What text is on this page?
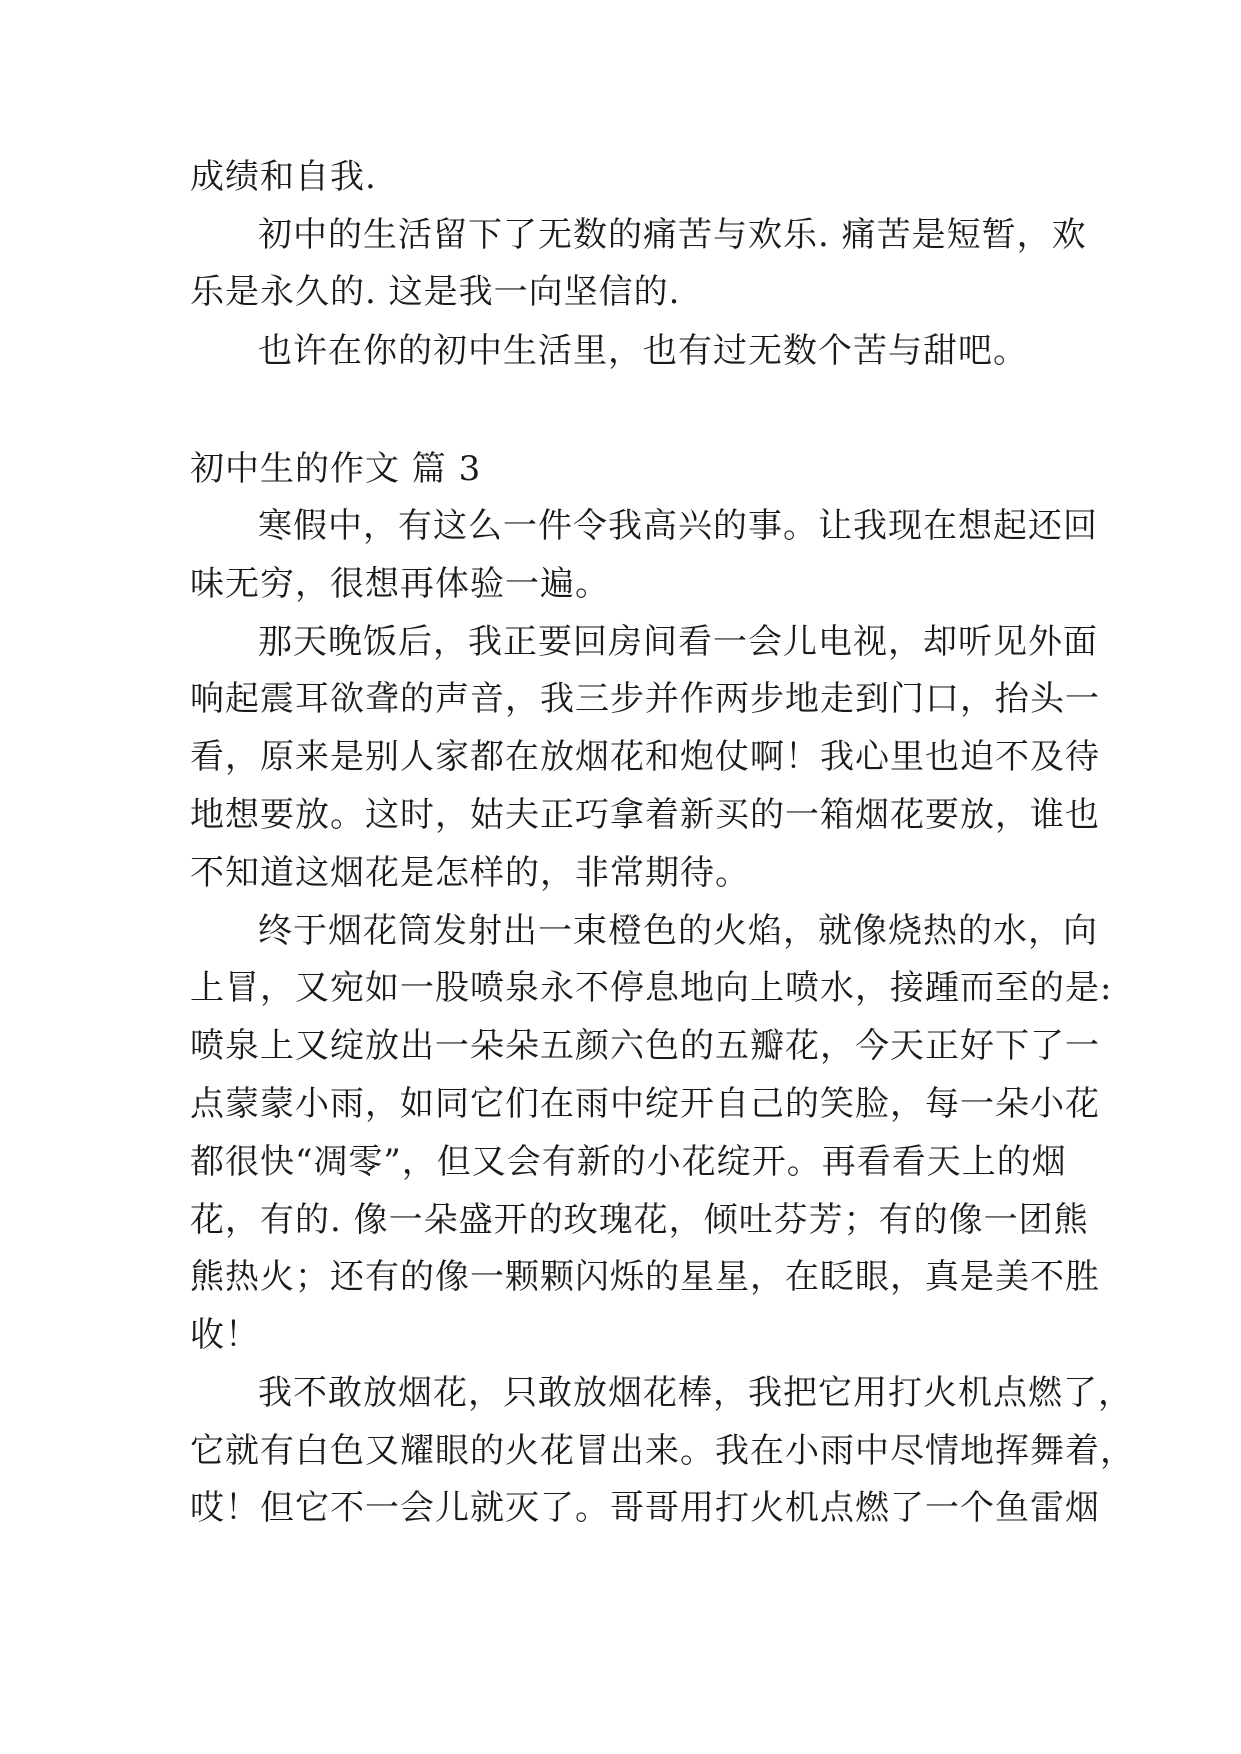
成绩和自我.
初中的生活留下了无数的痛苦与欢乐. 痛苦是短暂，欢
乐是永久的. 这是我一向坚信的.
也许在你的初中生活里，也有过无数个苦与甜吧。
初中生的作文 篇 3
寒假中，有这么一件令我高兴的事。让我现在想起还回
味无穷，很想再体验一遍。
那天晚饭后，我正要回房间看一会儿电视，却听见外面
响起震耳欲聋的声音，我三步并作两步地走到门口，抬头一
看，原来是别人家都在放烟花和炮仗啊！我心里也迫不及待
地想要放。这时，姑夫正巧拿着新买的一箱烟花要放，谁也
不知道这烟花是怎样的，非常期待。
终于烟花筒发射出一束橙色的火焰，就像烧热的水，向
上冒，又宛如一股喷泉永不停息地向上喷水，接踵而至的是:
喷泉上又绽放出一朵朵五颜六色的五瓣花，今天正好下了一
点蒙蒙小雨，如同它们在雨中绽开自己的笑脸，每一朵小花
都很快“凋零”，但又会有新的小花绽开。再看看天上的烟
花，有的. 像一朵盛开的玫瑰花，倾吐芬芳；有的像一团熊
熊热火；还有的像一颗颗闪烁的星星，在眨眼，真是美不胜
收！
我不敢放烟花，只敢放烟花棒，我把它用打火机点燃了，
它就有白色又耀眼的火花冒出来。我在小雨中尽情地挥舞着，
哎！但它不一会儿就灭了。哥哥用打火机点燃了一个鱼雷烟
